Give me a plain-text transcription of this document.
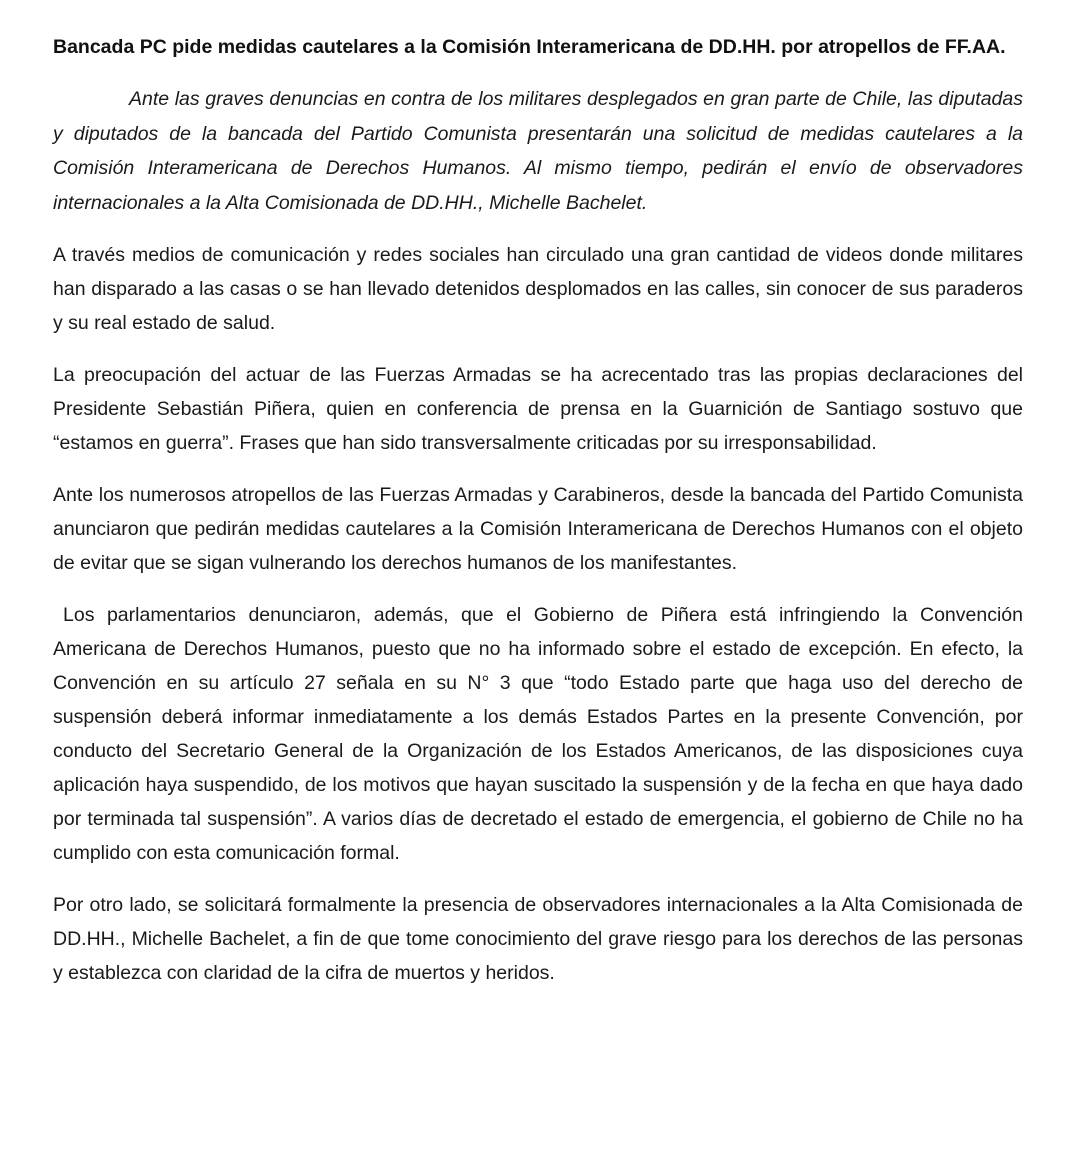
Bancada PC pide medidas cautelares a la Comisión Interamericana de DD.HH. por atropellos de FF.AA.

Ante las graves denuncias en contra de los militares desplegados en gran parte de Chile, las diputadas y diputados de la bancada del Partido Comunista presentarán una solicitud de medidas cautelares a la Comisión Interamericana de Derechos Humanos. Al mismo tiempo, pedirán el envío de observadores internacionales a la Alta Comisionada de DD.HH., Michelle Bachelet.

A través medios de comunicación y redes sociales han circulado una gran cantidad de videos donde militares han disparado a las casas o se han llevado detenidos desplomados en las calles, sin conocer de sus paraderos y su real estado de salud.

La preocupación del actuar de las Fuerzas Armadas se ha acrecentado tras las propias declaraciones del Presidente Sebastián Piñera, quien en conferencia de prensa en la Guarnición de Santiago sostuvo que “estamos en guerra”. Frases que han sido transversalmente criticadas por su irresponsabilidad.

Ante los numerosos atropellos de las Fuerzas Armadas y Carabineros, desde la bancada del Partido Comunista anunciaron que pedirán medidas cautelares a la Comisión Interamericana de Derechos Humanos con el objeto de evitar que se sigan vulnerando los derechos humanos de los manifestantes.

Los parlamentarios denunciaron, además, que el Gobierno de Piñera está infringiendo la Convención Americana de Derechos Humanos, puesto que no ha informado sobre el estado de excepción. En efecto, la Convención en su artículo 27 señala en su N° 3 que “todo Estado parte que haga uso del derecho de suspensión deberá informar inmediatamente a los demás Estados Partes en la presente Convención, por conducto del Secretario General de la Organización de los Estados Americanos, de las disposiciones cuya aplicación haya suspendido, de los motivos que hayan suscitado la suspensión y de la fecha en que haya dado por terminada tal suspensión”. A varios días de decretado el estado de emergencia, el gobierno de Chile no ha cumplido con esta comunicación formal.

Por otro lado, se solicitará formalmente la presencia de observadores internacionales a la Alta Comisionada de DD.HH., Michelle Bachelet, a fin de que tome conocimiento del grave riesgo para los derechos de las personas y establezca con claridad de la cifra de muertos y heridos.
